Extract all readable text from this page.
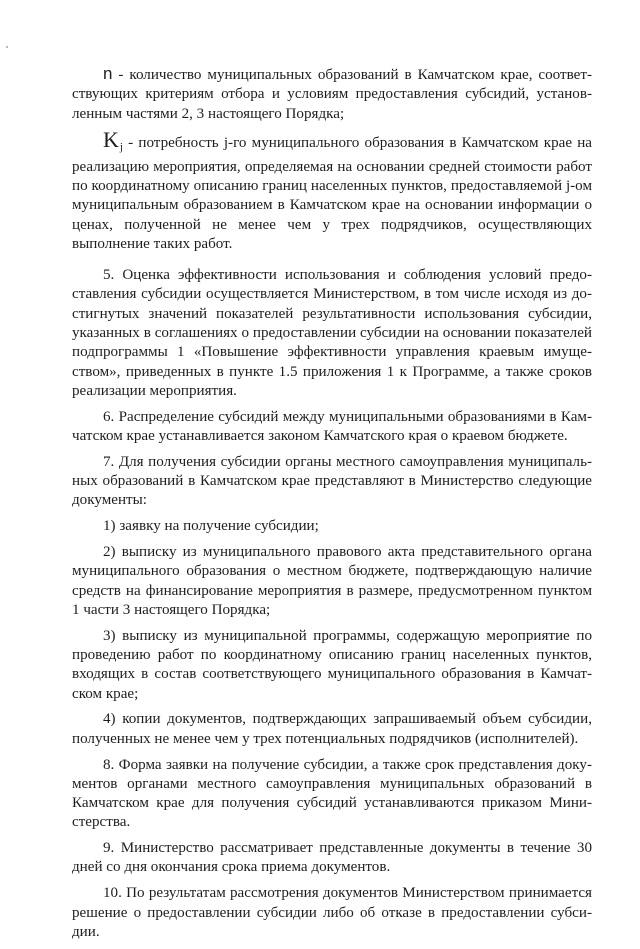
n - количество муниципальных образований в Камчатском крае, соответствующих критериям отбора и условиям предоставления субсидий, установленным частями 2, 3 настоящего Порядка;

$K_j$ - потребность j-го муниципального образования в Камчатском крае на реализацию мероприятия, определяемая на основании средней стоимости работ по координатному описанию границ населенных пунктов, предоставляемой j-ом муниципальным образованием в Камчатском крае на основании информации о ценах, полученной не менее чем у трех подрядчиков, осуществляющих выполнение таких работ.

5. Оценка эффективности использования и соблюдения условий предоставления субсидии осуществляется Министерством, в том числе исходя из достигнутых значений показателей результативности использования субсидии, указанных в соглашениях о предоставлении субсидии на основании показателей подпрограммы 1 «Повышение эффективности управления краевым имуществом», приведенных в пункте 1.5 приложения 1 к Программе, а также сроков реализации мероприятия.

6. Распределение субсидий между муниципальными образованиями в Камчатском крае устанавливается законом Камчатского края о краевом бюджете.

7. Для получения субсидии органы местного самоуправления муниципальных образований в Камчатском крае представляют в Министерство следующие документы:

1) заявку на получение субсидии;

2) выписку из муниципального правового акта представительного органа муниципального образования о местном бюджете, подтверждающую наличие средств на финансирование мероприятия в размере, предусмотренном пунктом 1 части 3 настоящего Порядка;

3) выписку из муниципальной программы, содержащую мероприятие по проведению работ по координатному описанию границ населенных пунктов, входящих в состав соответствующего муниципального образования в Камчатском крае;

4) копии документов, подтверждающих запрашиваемый объем субсидии, полученных не менее чем у трех потенциальных подрядчиков (исполнителей).

8. Форма заявки на получение субсидии, а также срок представления документов органами местного самоуправления муниципальных образований в Камчатском крае для получения субсидий устанавливаются приказом Министерства.

9. Министерство рассматривает представленные документы в течение 30 дней со дня окончания срока приема документов.

10. По результатам рассмотрения документов Министерством принимается решение о предоставлении субсидии либо об отказе в предоставлении субсидии.
